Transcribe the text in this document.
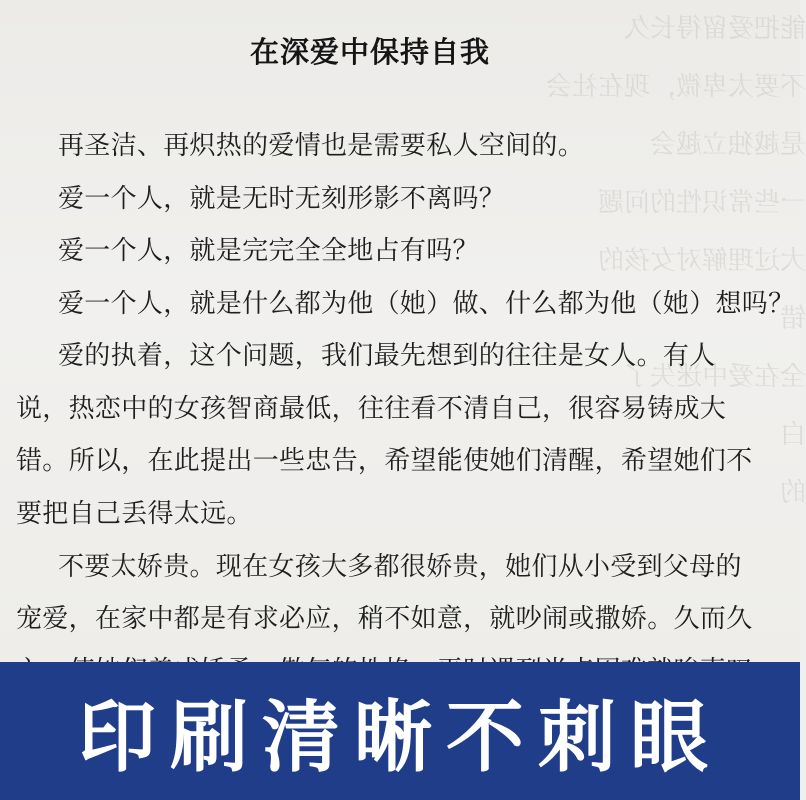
能把爱留得长久
不要太卑微，现在社会
是越独立越会
一些常识性的问题
大过理解对女孩的
错
全在爱中迷失了
白
的
在深爱中保持自我
再圣洁、再炽热的爱情也是需要私人空间的。
爱一个人，就是无时无刻形影不离吗？
爱一个人，就是完完全全地占有吗？
爱一个人，就是什么都为他（她）做、什么都为他（她）想吗？
爱的执着，这个问题，我们最先想到的往往是女人。有人
说，热恋中的女孩智商最低，往往看不清自己，很容易铸成大
错。所以，在此提出一些忠告，希望能使她们清醒，希望她们不
要把自己丢得太远。
不要太娇贵。现在女孩大多都很娇贵，她们从小受到父母的
宠爱，在家中都是有求必应，稍不如意，就吵闹或撒娇。久而久
印刷清晰不刺眼
